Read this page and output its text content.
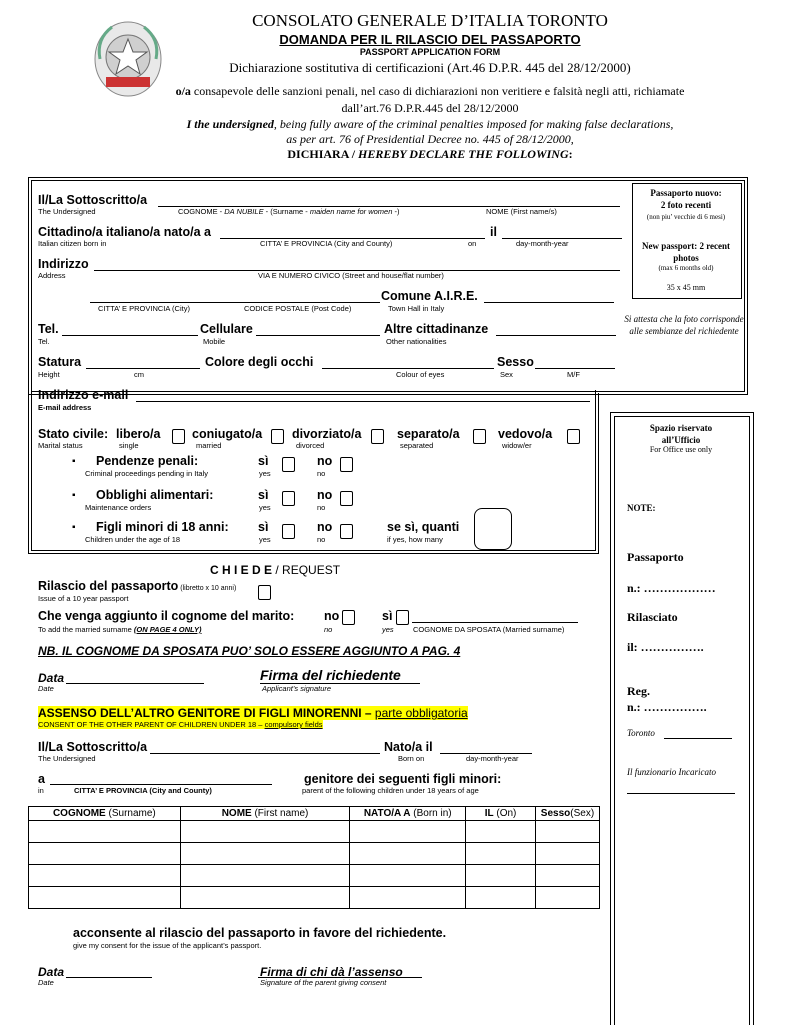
CONSOLATO GENERALE D’ITALIA TORONTO
DOMANDA PER IL RILASCIO DEL PASSAPORTO
PASSPORT APPLICATION FORM
Dichiarazione sostitutiva di certificazioni (Art.46 D.P.R. 445 del 28/12/2000)
o/a consapevole delle sanzioni penali, nel caso di dichiarazioni non veritiere e falsità negli atti, richiamate
dall’art.76 D.P.R.445 del 28/12/2000
I the undersigned, being fully aware of the criminal penalties imposed for making false declarations,
as per art. 76 of Presidential Decree no. 445 of 28/12/2000,
DICHIARA / HEREBY DECLARE THE FOLLOWING:
Passaporto nuovo:
2 foto recenti
(non piu’ vecchie di 6 mesi)
New passport: 2 recent photos
(max 6 months old)
35 x 45 mm
Si attesta che la foto corrisponde alle sembianze del richiedente
Il/La Sottoscritto/a
The Undersigned	COGNOME - DA NUBILE - (Surname - maiden name for women -)	NOME (First name/s)
Cittadino/a italiano/a nato/a a	il
Italian citizen born in	CITTA’ E PROVINCIA (City and County)	on	day-month-year
Indirizzo
Address	VIA E NUMERO CIVICO (Street and house/flat number)
Comune A.I.R.E.
CITTA’ E PROVINCIA (City)	CODICE POSTALE (Post Code)	Town Hall in Italy
Tel.	Cellulare	Altre cittadinanze
Tel.	Mobile	Other nationalities
Statura	Colore degli occhi	Sesso
Height	cm	Colour of eyes	Sex	M/F
Indirizzo e-mail
E-mail address
Stato civile:
Marital status
libero/a
single
coniugato/a
married
divorziato/a
divorced
separato/a
separated
vedovo/a
widow/er
▪ Pendenze penali:
Criminal proceedings pending in Italy
sì
yes
no
no
▪ Obblighi alimentari:
Maintenance orders
sì
yes
no
no
▪ Figli minori di 18 anni:
Children under the age of 18
sì
yes
no
no
se sì, quanti
if yes, how many
Spazio riservato all’Ufficio
For Office use only
NOTE:
Passaporto
n.: ………………
Rilasciato
il: …………….
Reg.
n.: …………….
Toronto
Il funzionario Incaricato
C H I E D E / REQUEST
Rilascio del passaporto (libretto x 10 anni)
Issue of a 10 year passport
Che venga aggiunto il cognome del marito:
To add the married surname (ON PAGE 4 ONLY)
no	sì
no	yes	COGNOME DA SPOSATA (Married surname)
NB. IL COGNOME DA SPOSATA PUO’ SOLO ESSERE AGGIUNTO A PAG. 4
Data
Date
Firma del richiedente
Applicant’s signature
ASSENSO DELL’ALTRO GENITORE DI FIGLI MINORENNI – parte obbligatoria
CONSENT OF THE OTHER PARENT OF CHILDREN UNDER 18 – compulsory fields
Il/La Sottoscritto/a	Nato/a il
The Undersigned	Born on	day-month-year
a	genitore dei seguenti figli minori:
in	CITTA’ E PROVINCIA (City and County)	parent of the following children under 18 years of age
COGNOME (Surname)	NOME (First name)	NATO/A A (Born in)	IL (On)	Sesso(Sex)

acconsente al rilascio del passaporto in favore del richiedente.
give my consent for the issue of the applicant’s passport.
Data
Date
Firma di chi dà l’assenso
Signature of the parent giving consent
